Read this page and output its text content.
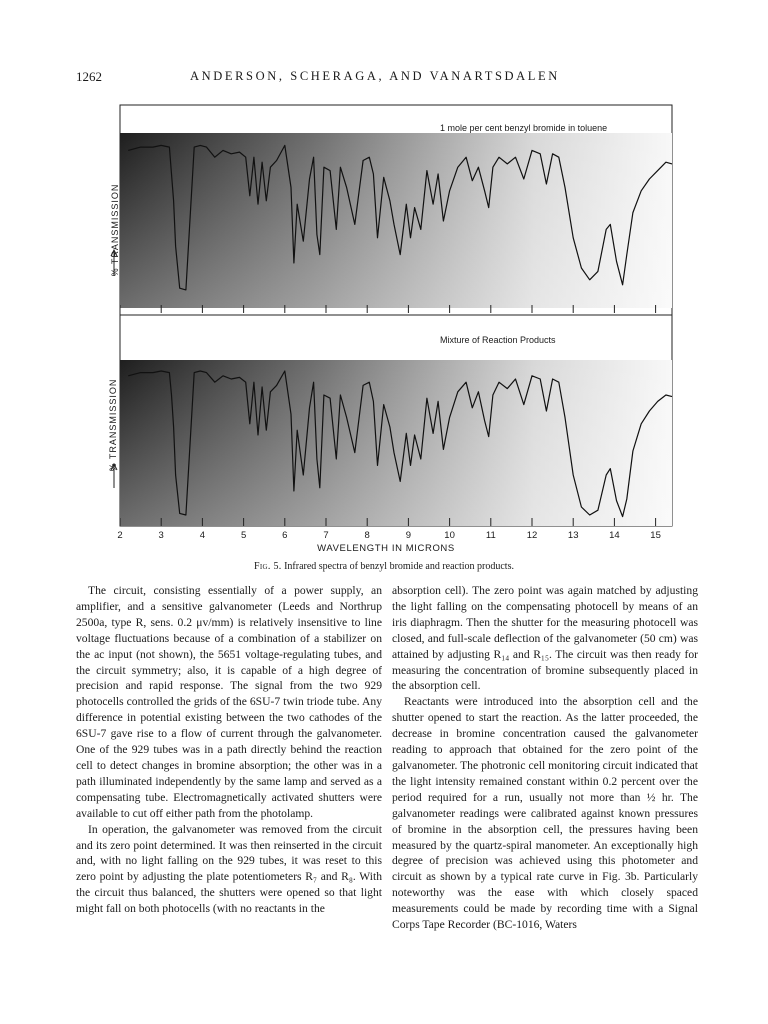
1262	ANDERSON, SCHERAGA, AND VANARTSDALEN
1 mole per cent benzyl bromide in toluene
% TRANSMISSION
Mixture of Reaction Products
% TRANSMISSION
2	3	4	5	6	7	8	9	10	11	12	13	14	15
WAVELENGTH IN MICRONS
Fig. 5. Infrared spectra of benzyl bromide and reaction products.

The circuit, consisting essentially of a power supply, an amplifier, and a sensitive galvanometer (Leeds and Northrup 2500a, type R, sens. 0.2 μv/mm) is relatively insensitive to line voltage fluctuations because of a combination of a stabilizer on the ac input (not shown), the 5651 voltage-regulating tubes, and the circuit symmetry; also, it is capable of a high degree of precision and rapid response. The signal from the two 929 photocells controlled the grids of the 6SU-7 twin triode tube. Any difference in potential existing between the two cathodes of the 6SU-7 gave rise to a flow of current through the galvanometer. One of the 929 tubes was in a path directly behind the reaction cell to detect changes in bromine absorption; the other was in a path illuminated independently by the same lamp and served as a compensating tube. Electromagnetically activated shutters were available to cut off either path from the photolamp.

In operation, the galvanometer was removed from the circuit and its zero point determined. It was then reinserted in the circuit and, with no light falling on the 929 tubes, it was reset to this zero point by adjusting the plate potentiometers R₇ and R₈. With the circuit thus balanced, the shutters were opened so that light might fall on both photocells (with no reactants in the

absorption cell). The zero point was again matched by adjusting the light falling on the compensating photocell by means of an iris diaphragm. Then the shutter for the measuring photocell was closed, and full-scale deflection of the galvanometer (50 cm) was attained by adjusting R₁₄ and R₁₅. The circuit was then ready for measuring the concentration of bromine subsequently placed in the absorption cell.

Reactants were introduced into the absorption cell and the shutter opened to start the reaction. As the latter proceeded, the decrease in bromine concentration caused the galvanometer reading to approach that obtained for the zero point of the galvanometer. The photronic cell monitoring circuit indicated that the light intensity remained constant within 0.2 percent over the period required for a run, usually not more than ½ hr. The galvanometer readings were calibrated against known pressures of bromine in the absorption cell, the pressures having been measured by the quartz-spiral manometer. An exceptionally high degree of precision was achieved using this photometer and circuit as shown by a typical rate curve in Fig. 3b. Particularly noteworthy was the ease with which closely spaced measurements could be made by recording time with a Signal Corps Tape Recorder (BC-1016, Waters
